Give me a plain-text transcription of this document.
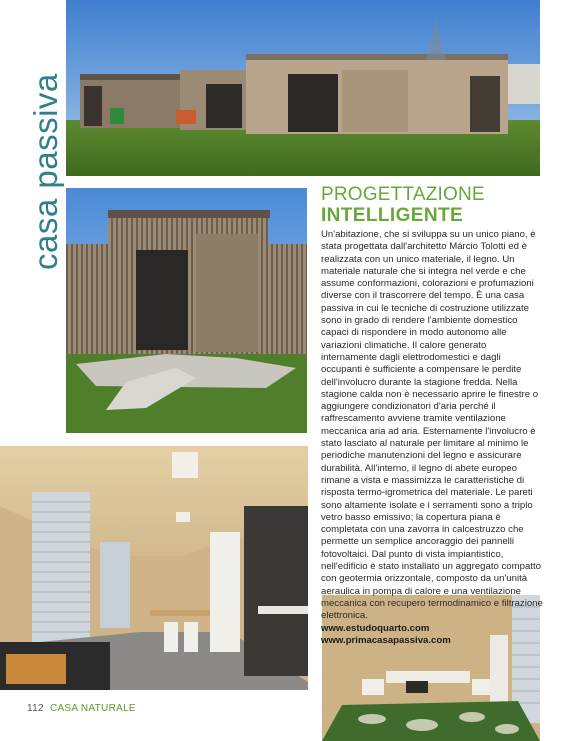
casa passiva	PROGETTAZIONE
INTELLIGENTE

Un'abitazione, che si sviluppa su un unico piano, è stata progettata dall'architetto Márcio Tolotti ed è realizzata con un unico materiale, il legno. Un materiale naturale che si integra nel verde e che assume conformazioni, colorazioni e profumazioni diverse con il trascorrere del tempo. È una casa passiva in cui le tecniche di costruzione utilizzate sono in grado di rendere l'ambiente domestico capaci di rispondere in modo autonomo alle variazioni climatiche. Il calore generato internamente dagli elettrodomestici e dagli occupanti è sufficiente a compensare le perdite dell'involucro durante la stagione fredda. Nella stagione calda non è necessario aprire le finestre o aggiungere condizionatori d'aria perché il raffrescamento avviene tramite ventilazione meccanica aria ad aria. Esternamente l'involucro è stato lasciato al naturale per limitare al minimo le periodiche manutenzioni del legno e assicurare durabilità. All'interno, il legno di abete europeo rimane a vista e massimizza le caratteristiche di risposta termo-igrometrica del materiale. Le pareti sono altamente isolate e i serramenti sono a triplo vetro basso emissivo; la copertura piana è completata con una zavorra in calcestruzzo che permette un semplice ancoraggio dei pannelli fotovoltaici. Dal punto di vista impiantistico, nell'edificio è stato installato un aggregato compatto con geotermia orizzontale, composto da un'unità aeraulica in pompa di calore e una ventilazione meccanica con recupero termodinamico e filtrazione elettronica.

www.estudoquarto.com
www.primacasapassiva.com
112 CASA NATURALE
